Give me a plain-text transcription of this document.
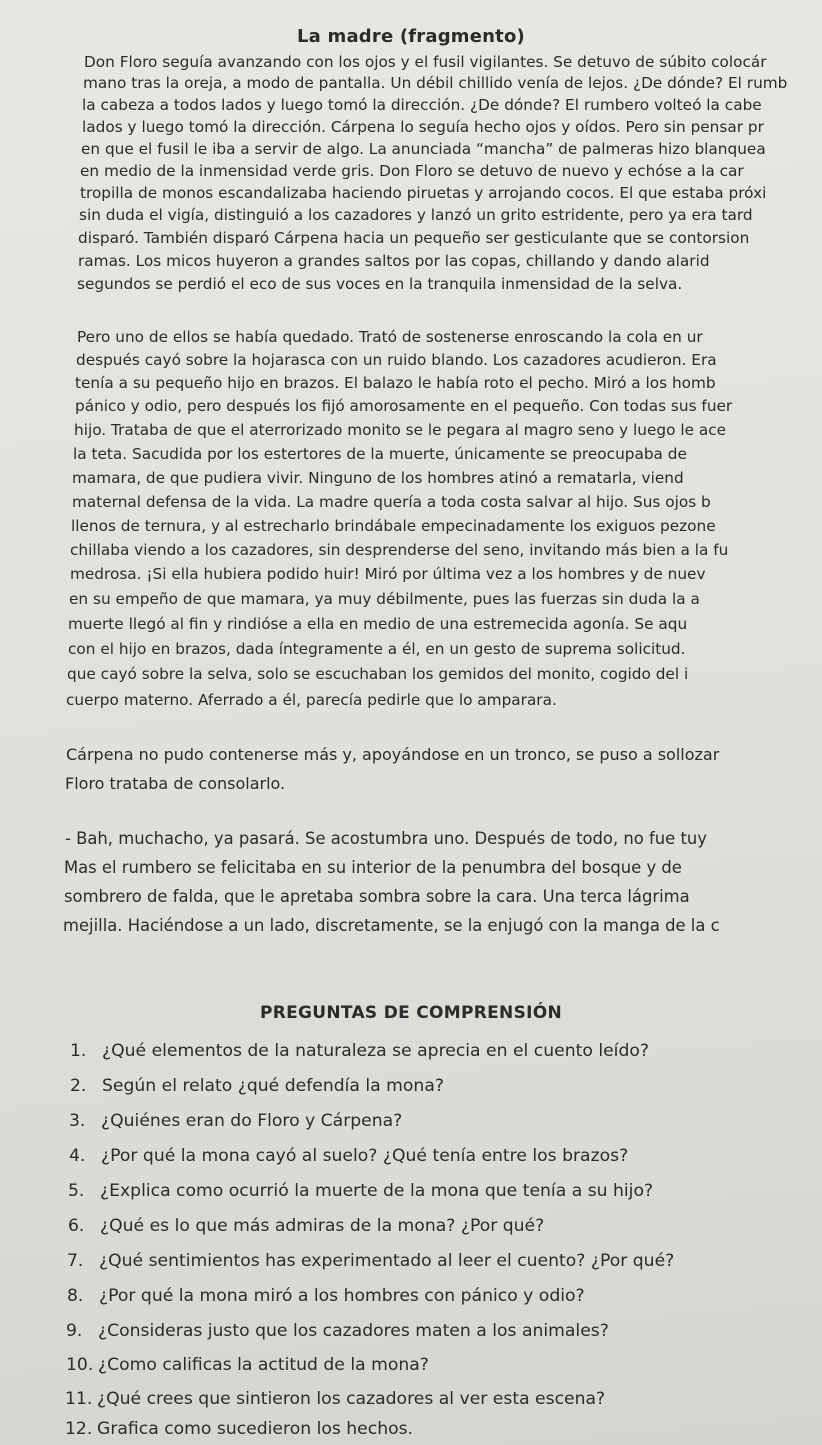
La madre (fragmento)
Don Floro seguía avanzando con los ojos y el fusil vigilantes. Se detuvo de súbito colocár
mano tras la oreja, a modo de pantalla. Un débil chillido venía de lejos. ¿De dónde? El rumb
la cabeza a todos lados y luego tomó la dirección. ¿De dónde? El rumbero volteó la cabe
lados y luego tomó la dirección. Cárpena lo seguía hecho ojos y oídos. Pero sin pensar pr
en que el fusil le iba a servir de algo. La anunciada “mancha” de palmeras hizo blanquea
en medio de la inmensidad verde gris. Don Floro se detuvo de nuevo y echóse a la car
tropilla de monos escandalizaba haciendo piruetas y arrojando cocos. El que estaba próxi
sin duda el vigía, distinguió a los cazadores y lanzó un grito estridente, pero ya era tard
disparó. También disparó Cárpena hacia un pequeño ser gesticulante que se contorsion
ramas. Los micos huyeron a grandes saltos por las copas, chillando y dando alarid
segundos se perdió el eco de sus voces en la tranquila inmensidad de la selva.
Pero uno de ellos se había quedado. Trató de sostenerse enroscando la cola en ur
después cayó sobre la hojarasca con un ruido blando. Los cazadores acudieron. Era
tenía a su pequeño hijo en brazos. El balazo le había roto el pecho. Miró a los homb
pánico y odio, pero después los fijó amorosamente en el pequeño. Con todas sus fuer
hijo. Trataba de que el aterrorizado monito se le pegara al magro seno y luego le ace
la teta. Sacudida por los estertores de la muerte, únicamente se preocupaba de
mamara, de que pudiera vivir. Ninguno de los hombres atinó a rematarla, viend
maternal defensa de la vida. La madre quería a toda costa salvar al hijo. Sus ojos b
llenos de ternura, y al estrecharlo brindábale empecinadamente los exiguos pezone
chillaba viendo a los cazadores, sin desprenderse del seno, invitando más bien a la fu
medrosa. ¡Si ella hubiera podido huir! Miró por última vez a los hombres y de nuev
en su empeño de que mamara, ya muy débilmente, pues las fuerzas sin duda la a
muerte llegó al fin y rindióse a ella en medio de una estremecida agonía. Se aqu
con el hijo en brazos, dada íntegramente a él, en un gesto de suprema solicitud.
que cayó sobre la selva, solo se escuchaban los gemidos del monito, cogido del i
cuerpo materno. Aferrado a él, parecía pedirle que lo amparara.
Cárpena no pudo contenerse más y, apoyándose en un tronco, se puso a sollozar
Floro trataba de consolarlo.
- Bah, muchacho, ya pasará. Se acostumbra uno. Después de todo, no fue tuy
Mas el rumbero se felicitaba en su interior de la penumbra del bosque y de
sombrero de falda, que le apretaba sombra sobre la cara. Una terca lágrima
mejilla. Haciéndose a un lado, discretamente, se la enjugó con la manga de la c
PREGUNTAS DE COMPRENSIÓN
1. ¿Qué elementos de la naturaleza se aprecia en el cuento leído?
2. Según el relato ¿qué defendía la mona?
3. ¿Quiénes eran do Floro y Cárpena?
4. ¿Por qué la mona cayó al suelo? ¿Qué tenía entre los brazos?
5. ¿Explica como ocurrió la muerte de la mona que tenía a su hijo?
6. ¿Qué es lo que más admiras de la mona? ¿Por qué?
7. ¿Qué sentimientos has experimentado al leer el cuento? ¿Por qué?
8. ¿Por qué la mona miró a los hombres con pánico y odio?
9. ¿Consideras justo que los cazadores maten a los animales?
10. ¿Como calificas la actitud de la mona?
11. ¿Qué crees que sintieron los cazadores al ver esta escena?
12. Grafica como sucedieron los hechos.
